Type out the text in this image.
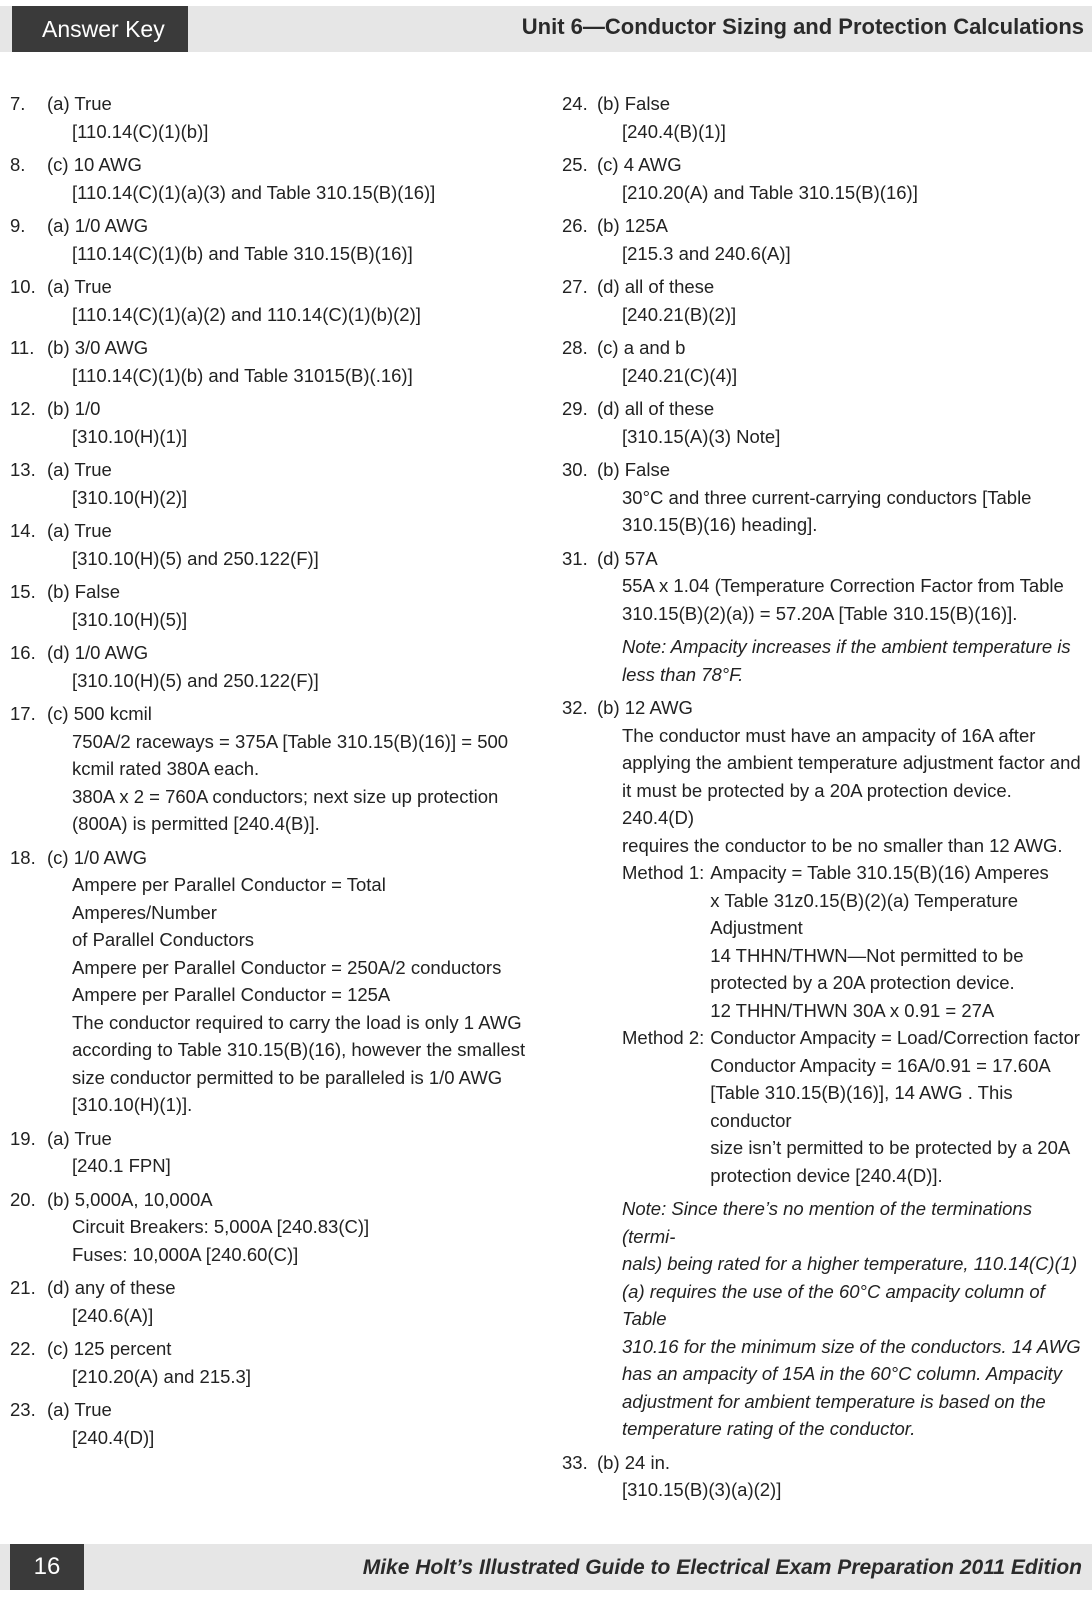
Answer Key	Unit 6—Conductor Sizing and Protection Calculations
7.	(a) True
[110.14(C)(1)(b)]
8.	(c) 10 AWG
[110.14(C)(1)(a)(3) and Table 310.15(B)(16)]
9.	(a) 1/0 AWG
[110.14(C)(1)(b) and Table 310.15(B)(16)]
10. (a) True
[110.14(C)(1)(a)(2) and 110.14(C)(1)(b)(2)]
11. (b) 3/0 AWG
[110.14(C)(1)(b) and Table 31015(B)(.16)]
12. (b) 1/0
[310.10(H)(1)]
13. (a) True
[310.10(H)(2)]
14. (a) True
[310.10(H)(5) and 250.122(F)]
15. (b) False
[310.10(H)(5)]
16. (d) 1/0 AWG
[310.10(H)(5) and 250.122(F)]
17. (c) 500 kcmil
750A/2 raceways = 375A [Table 310.15(B)(16)] = 500
kcmil rated 380A each.
380A x 2 = 760A conductors; next size up protection
(800A) is permitted [240.4(B)].
18. (c) 1/0 AWG
Ampere per Parallel Conductor = Total Amperes/Number
of Parallel Conductors
Ampere per Parallel Conductor = 250A/2 conductors
Ampere per Parallel Conductor = 125A
The conductor required to carry the load is only 1 AWG
according to Table 310.15(B)(16), however the smallest
size conductor permitted to be paralleled is 1/0 AWG
[310.10(H)(1)].
19. (a) True
[240.1 FPN]
20. (b) 5,000A, 10,000A
Circuit Breakers: 5,000A [240.83(C)]
Fuses: 10,000A [240.60(C)]
21. (d) any of these
[240.6(A)]
22. (c) 125 percent
[210.20(A) and 215.3]
23. (a) True
[240.4(D)]
24. (b) False
[240.4(B)(1)]
25. (c) 4 AWG
[210.20(A) and Table 310.15(B)(16)]
26. (b) 125A
[215.3 and 240.6(A)]
27. (d) all of these
[240.21(B)(2)]
28. (c) a and b
[240.21(C)(4)]
29. (d) all of these
[310.15(A)(3) Note]
30. (b) False
30°C and three current-carrying conductors [Table
310.15(B)(16) heading].
31. (d) 57A
55A x 1.04 (Temperature Correction Factor from Table
310.15(B)(2)(a)) = 57.20A [Table 310.15(B)(16)].
Note: Ampacity increases if the ambient temperature is
less than 78°F.
32. (b) 12 AWG
The conductor must have an ampacity of 16A after
applying the ambient temperature adjustment factor and
it must be protected by a 20A protection device. 240.4(D)
requires the conductor to be no smaller than 12 AWG.
Method 1: Ampacity = Table 310.15(B)(16) Amperes
x Table 31z0.15(B)(2)(a) Temperature
Adjustment
14 THHN/THWN—Not permitted to be
protected by a 20A protection device.
12 THHN/THWN 30A x 0.91 = 27A
Method 2: Conductor Ampacity = Load/Correction factor
Conductor Ampacity = 16A/0.91 = 17.60A
[Table 310.15(B)(16)], 14 AWG . This conductor
size isn’t permitted to be protected by a 20A
protection device [240.4(D)].
Note: Since there’s no mention of the terminations (termi-
nals) being rated for a higher temperature, 110.14(C)(1)
(a) requires the use of the 60°C ampacity column of Table
310.16 for the minimum size of the conductors. 14 AWG
has an ampacity of 15A in the 60°C column. Ampacity
adjustment for ambient temperature is based on the
temperature rating of the conductor.
33. (b) 24 in.
[310.15(B)(3)(a)(2)]
16	Mike Holt’s Illustrated Guide to Electrical Exam Preparation 2011 Edition
